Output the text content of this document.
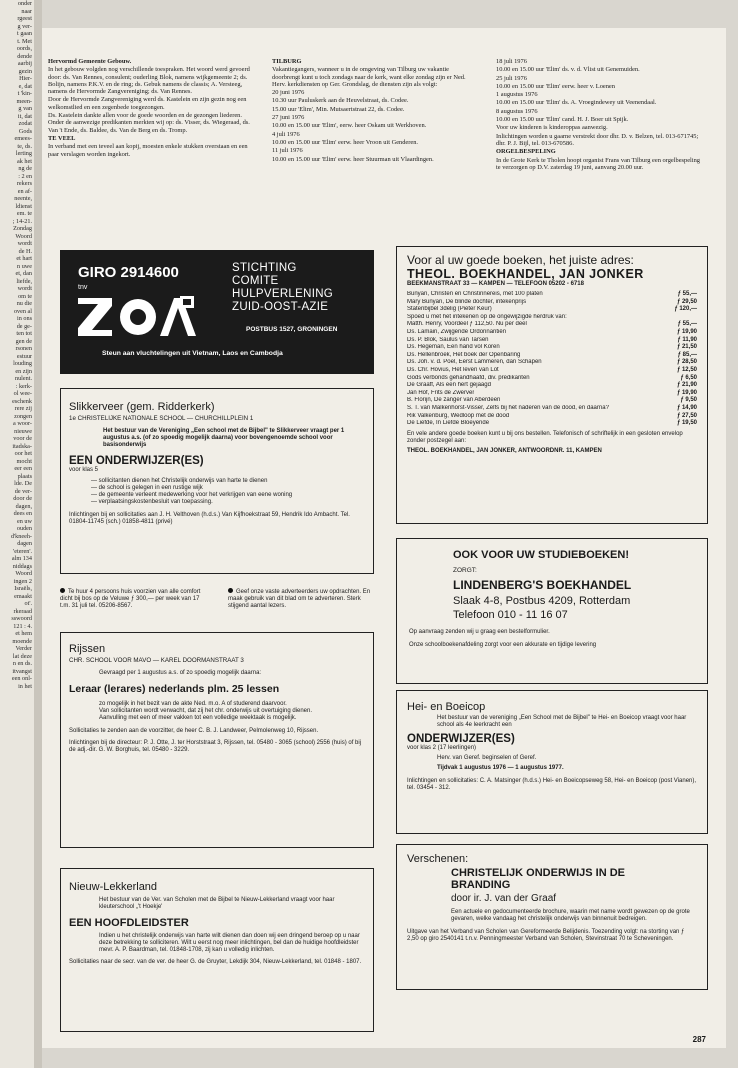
onder
naar
rgeest
g ver-
t gaan
t. Met
oords,
dende
aarbij
gezin
Hier-
e, dat
t 'kin-
meen-
g van
it, dat
zodat
Gods
emees-
te, ds.
lerting
ak het
ng de
: 2 en
rekers
en af-
neente,
ldienst
em. te
; 14-21.
Zondag
Woord
wordt
de H.
et hart
n uwe
et, dan
liefde,
wordt
om te
nu die
oven al
in ons
de ge-
ten tot
gen de
rsonen
estuur
louding
en zijn
nulent.
: kerk-
ol wee-
eschenk
rere zij
zongen
a woor-
nieuwe
voor de
itadska-
oor het
mocht
eer een
plaats
lde. De
de ver-
door de
dagen,
dees en
en uw
ouden
d'kneeh-
dagen
'eteren'.
alm 134
niddags
Woord
ingen 2
Israëls,
emaakt
ot'.
rkeraad
sswoord
121 : 4.
et hem
moende
Verder
lat deze
n en ds.
itvangst
een onl-
in het

Hervormd Gemeente Gebouw.

In het gebouw volgden nog verschillende toespraken. Het woord werd gevoerd door: ds. Van Rennes, consulent; ouderling Blok, namens wijkgemeente 2; ds. Bolijn, namens P.K.V. en de ring; ds. Gebuk namens de classis; A. Versteeg, namens de Hervormde Zangvereniging; ds. Van Rennes.

Door de Hervormde Zangvereniging werd ds. Kastelein en zijn gezin nog een welkomstlied en een zegenbede toegezongen.

Ds. Kastelein dankte allen voor de goede woorden en de gezongen liederen. Onder de aanwezige predikanten merkten wij op: ds. Visser, ds. Wiegeraad, ds. Van 't Ende, ds. Baldee, ds. Van de Berg en ds. Tromp.

TE VEEL

In verband met een teveel aan kopij, moesten enkele stukken overstaan en een paar verslagen worden ingekort.

TILBURG

Vakantiegangers, wanneer u in de omgeving van Tilburg uw vakantie doorbrengt kunt u toch zondags naar de kerk, want elke zondag zijn er Ned. Herv. kerkdiensten op Ger. Grondslag, de diensten zijn als volgt:

20 juni 1976

10.30 uur Pauluskerk aan de Heuvelstraat, ds. Codee.

15.00 uur 'Elim', Min. Mutsaertstraat 22, ds. Codee.

27 juni 1976

10.00 en 15.00 uur 'Elim', eerw. heer Oskam uit Werkhoven.

4 juli 1976

10.00 en 15.00 uur 'Elim' eerw. heer Vroon uit Genderen.

11 juli 1976

10.00 en 15.00 uur 'Elim' eerw. heer Stuurman uit Vlaardingen.

18 juli 1976

10.00 en 15.00 uur 'Elim' ds. v. d. Vlist uit Genemuiden.

25 juli 1976

10.00 en 15.00 uur 'Elim' eerw. heer v. Loenen

1 augustus 1976

10.00 en 15.00 uur 'Elim' ds. A. Vroegindewey uit Veenendaal.

8 augustus 1976

10.00 en 15.00 uur 'Elim' cand. H. J. Boer uit Spijk.

Voor uw kinderen is kinderoppas aanwezig.

Inlichtingen worden u gaarne verstrekt door dhr. D. v. Belzen, tel. 013-671745; dhr. P. J. Bijl, tel. 013-670586.

ORGELBESPELING

In de Grote Kerk te Tholen hoopt organist Frans van Tilburg een orgelbespeling te verzorgen op D.V. zaterdag 19 juni, aanvang 20.00 uur.

GIRO 2914600
tnv
STICHTING
COMITE
HULPVERLENING
ZUID-OOST-AZIE
POSTBUS 1527, GRONINGEN
Steun aan vluchtelingen uit Vietnam, Laos en Cambodja
Slikkerveer (gem. Ridderkerk)
1e CHRISTELIJKE NATIONALE SCHOOL — CHURCHILLPLEIN 1
Het bestuur van de Vereniging „Een school met de Bijbel" te Slikkerveer vraagt per 1 augustus a.s. (of zo spoedig mogelijk daarna) voor bovengenoemde school voor basisonderwijs
EEN ONDERWIJZER(ES)
voor klas 5
— sollicitanten dienen het Christelijk onderwijs van harte te dienen
— de school is gelegen in een rustige wijk
— de gemeente verleent medewerking voor het verkrijgen van eene woning
— verplaatsingskostenbesluit van toepassing.
Inlichtingen bij en sollicitaties aan J. H. Velthoven (h.d.s.) Van Kijfhoekstraat 59, Hendrik Ido Ambacht. Tel. 01804-11745 (sch.) 01858-4811 (privé)
Te huur 4 persoons huis voorzien van alle comfort dicht bij bos op de Veluwe ƒ 300,— per week van 17 t.m. 31 juli tel. 05206-8567.
Geef onze vaste adverteerders uw opdrachten. En maak gebruik van dit blad om te adverteren. Sterk stijgend aantal lezers.
Rijssen
CHR. SCHOOL VOOR MAVO — KAREL DOORMANSTRAAT 3
Gevraagd per 1 augustus a.s. of zo spoedig mogelijk daarna:
Leraar (lerares) nederlands plm. 25 lessen
zo mogelijk in het bezit van de akte Ned. m.o. A of studerend daarvoor.
Van sollicitanten wordt verwacht, dat zij het chr. onderwijs uit overtuiging dienen.
Aanvulling met een of meer vakken tot een volledige weektaak is mogelijk.
Sollicitaties te zenden aan de voorzitter, de heer C. B. J. Landweer, Pelmolenweg 10, Rijssen.
Inlichtingen bij de directeur: P. J. Otte, J. ter Horststraat 3, Rijssen, tel. 05480 - 3065 (school) 2556 (huis) of bij de adj.-dir. G. W. Borghuis, tel. 05480 - 3229.
Nieuw-Lekkerland
Het bestuur van de Ver. van Scholen met de Bijbel te Nieuw-Lekkerland vraagt voor haar kleuterschool „'t Hoekje'
EEN HOOFDLEIDSTER
Indien u het christelijk onderwijs van harte wilt dienen dan doen wij een dringend beroep op u naar deze betrekking te solliciteren. Wilt u eerst nog meer inlichtingen, bel dan de huidige hoofdleidster mevr. A. P. Baardman, tel. 01848-1708, zij kan u volledig inlichten.
Sollicitaties naar de secr. van de ver. de heer G. de Gruyter, Lekdijk 304, Nieuw-Lekkerland, tel. 01848 - 1807.
Voor al uw goede boeken, het juiste adres:
THEOL. BOEKHANDEL, JAN JONKER
BEEKMANSTRAAT 33 — KAMPEN — TELEFOON 05202 - 6718
Bunyan, Christen en Christinnereis, met 100 platen	ƒ 55,—
Mary Bunyan, De blinde dochter, intekenprijs	ƒ 29,50
Statenbijbel 3delig (Pieter Keur)	ƒ 120,—
Spoed u met het intekenen op de ongewijzigde herdruk van:
Matth. Henry, Voordeel ƒ 112,50. Nu per deel	ƒ 55,—
Ds. Lamain, Zwijgende Ordonnantiën	ƒ 19,90
Ds. P. Blok, Saulus van Tarsen	ƒ 11,90
Ds. Hegeman, Een hand vol Koren	ƒ 21,50
Ds. Hellenbroek, Het boek der Openbaring	ƒ 85,—
Ds. Joh. v. d. Poel, Eerst Lammeren, dan Schapen	ƒ 28,50
Ds. Chr. Hovius, Het leven van Lot	ƒ 12,50
Gods verbonds gehandhaafd, div. predikanten	ƒ 6,50
De Graaff, Als een hert gejaagd	ƒ 21,90
Jan Hof, Frits de Zwerver	ƒ 19,90
B. Florijn, De zanger van Aberdeen	ƒ 9,50
S. T. van Malkenhorst-Visser, Zelfs bij het naderen van de dood, en daarna?	ƒ 14,90
Rik Valkenburg, Wedloop met de dood	ƒ 27,50
De Liefde, In Liefde Bloeyende	ƒ 19,50
En vele andere goede boeken kunt u bij ons bestellen. Telefonisch of schriftelijk in een gesloten envelop zonder postzegel aan:
THEOL. BOEKHANDEL, JAN JONKER, ANTWOORDNR. 11, KAMPEN
OOK VOOR UW STUDIEBOEKEN!
ZORGT:
LINDENBERG'S BOEKHANDEL
Slaak 4-8, Postbus 4209, Rotterdam
Telefoon 010 - 11 16 07
Op aanvraag zenden wij u graag een bestelformulier.
Onze schoolboekenafdeling zorgt voor een akkurate en tijdige levering
Hei- en Boeicop
Het bestuur van de vereniging „Een School met de Bijbel" te Hei- en Boeicop vraagt voor haar school als 4e leerkracht een
ONDERWIJZER(ES)
voor klas 2 (17 leerlingen)
Herv. van Geref. beginselen of Geref.
Tijdvak 1 augustus 1976 — 1 augustus 1977.
Inlichtingen en sollicitaties: C. A. Matsinger (h.d.s.) Hei- en Boeicopseweg 58, Hei- en Boeicop (post Vianen), tel. 03454 - 312.
Verschenen:
CHRISTELIJK ONDERWIJS IN DE
BRANDING
door ir. J. van der Graaf
Een actuele en gedocumenteerde brochure, waarin met name wordt gewezen op de grote gevaren, welke vandaag het christelijk onderwijs van binnenuit bedreigen.
Uitgave van het Verband van Scholen van Gereformeerde Belijdenis. Toezending volgt: na storting van ƒ 2,50 op giro 2540141 t.n.v. Penningmeester Verband van Scholen, Stevinstraat 70 te Scheveningen.
287
